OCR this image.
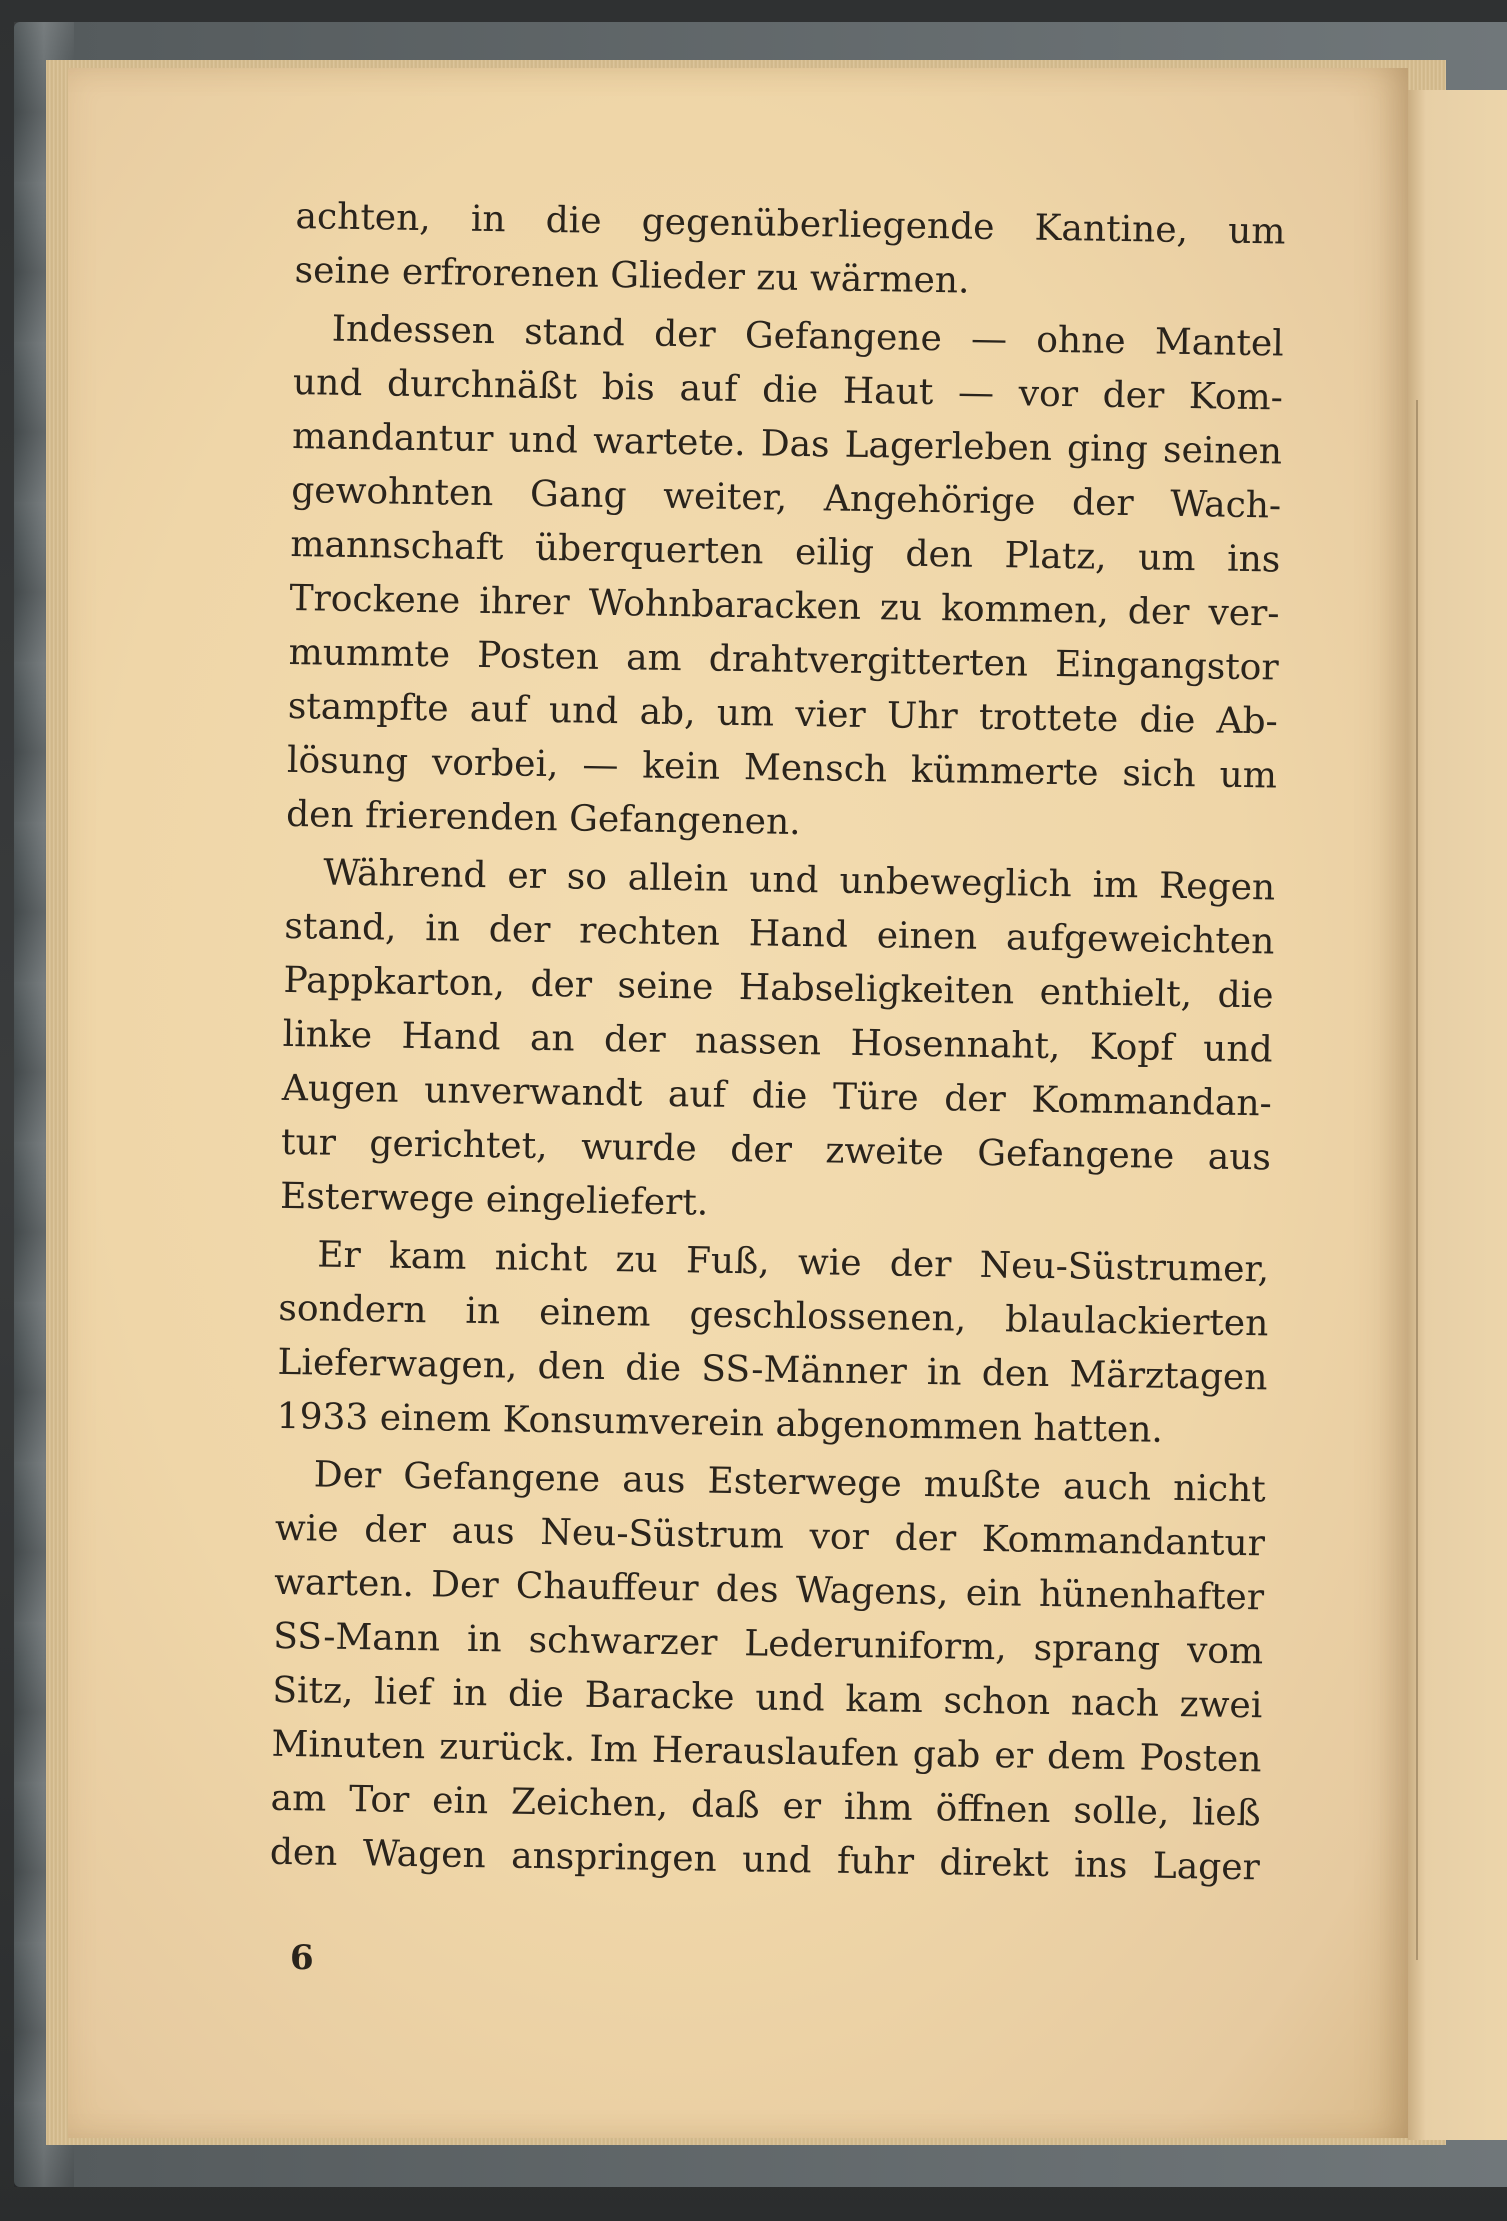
achten, in die gegenüberliegende Kantine, um
seine erfrorenen Glieder zu wärmen.
Indessen stand der Gefangene — ohne Mantel
und durchnäßt bis auf die Haut — vor der Kom-
mandantur und wartete. Das Lagerleben ging seinen
gewohnten Gang weiter, Angehörige der Wach-
mannschaft überquerten eilig den Platz, um ins
Trockene ihrer Wohnbaracken zu kommen, der ver-
mummte Posten am drahtvergitterten Eingangstor
stampfte auf und ab, um vier Uhr trottete die Ab-
lösung vorbei, — kein Mensch kümmerte sich um
den frierenden Gefangenen.
Während er so allein und unbeweglich im Regen
stand, in der rechten Hand einen aufgeweichten
Pappkarton, der seine Habseligkeiten enthielt, die
linke Hand an der nassen Hosennaht, Kopf und
Augen unverwandt auf die Türe der Kommandan-
tur gerichtet, wurde der zweite Gefangene aus
Esterwege eingeliefert.
Er kam nicht zu Fuß, wie der Neu-Süstrumer,
sondern in einem geschlossenen, blaulackierten
Lieferwagen, den die SS-Männer in den Märztagen
1933 einem Konsumverein abgenommen hatten.
Der Gefangene aus Esterwege mußte auch nicht
wie der aus Neu-Süstrum vor der Kommandantur
warten. Der Chauffeur des Wagens, ein hünenhafter
SS-Mann in schwarzer Lederuniform, sprang vom
Sitz, lief in die Baracke und kam schon nach zwei
Minuten zurück. Im Herauslaufen gab er dem Posten
am Tor ein Zeichen, daß er ihm öffnen solle, ließ
den Wagen anspringen und fuhr direkt ins Lager
6
